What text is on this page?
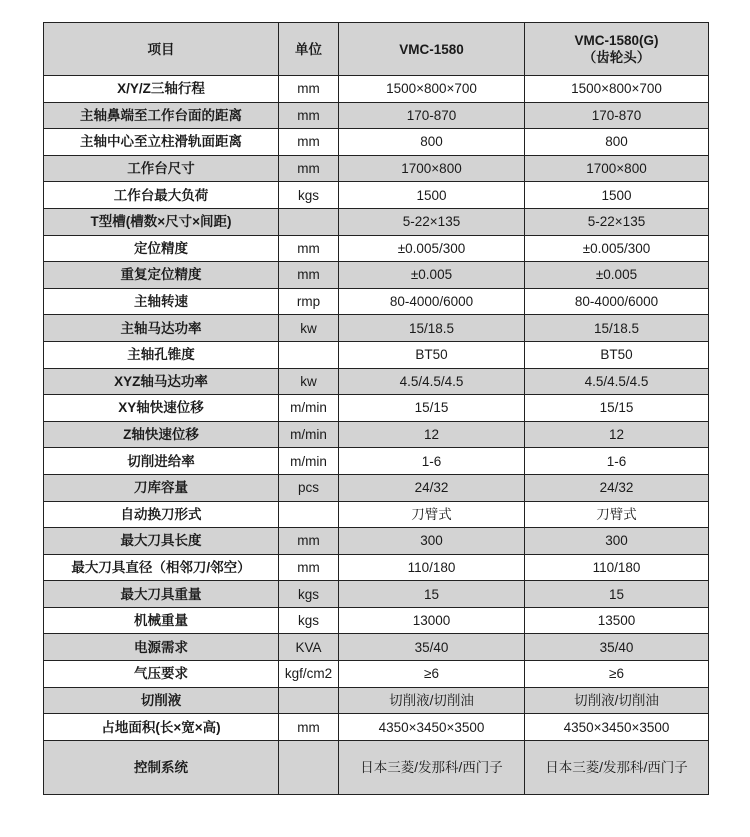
项目	单位	VMC-1580	VMC-1580(G)
（齿轮头）

X/Y/Z三轴行程	mm	1500×800×700	1500×800×700
主轴鼻端至工作台面的距离	mm	170-870	170-870
主轴中心至立柱滑轨面距离	mm	800	800
工作台尺寸	mm	1700×800	1700×800
工作台最大负荷	kgs	1500	1500
T型槽(槽数×尺寸×间距)		5-22×135	5-22×135
定位精度	mm	±0.005/300	±0.005/300
重复定位精度	mm	±0.005	±0.005
主轴转速	rmp	80-4000/6000	80-4000/6000
主轴马达功率	kw	15/18.5	15/18.5
主轴孔锥度		BT50	BT50
XYZ轴马达功率	kw	4.5/4.5/4.5	4.5/4.5/4.5
XY轴快速位移	m/min	15/15	15/15
Z轴快速位移	m/min	12	12
切削进给率	m/min	1-6	1-6
刀库容量	pcs	24/32	24/32
自动换刀形式		刀臂式	刀臂式
最大刀具长度	mm	300	300
最大刀具直径（相邻刀/邻空）	mm	110/180	110/180
最大刀具重量	kgs	15	15
机械重量	kgs	13000	13500
电源需求	KVA	35/40	35/40
气压要求	kgf/cm2	≥6	≥6
切削液		切削液/切削油	切削液/切削油
占地面积(长×宽×高)	mm	4350×3450×3500	4350×3450×3500
控制系统		日本三菱/发那科/西门子	日本三菱/发那科/西门子
